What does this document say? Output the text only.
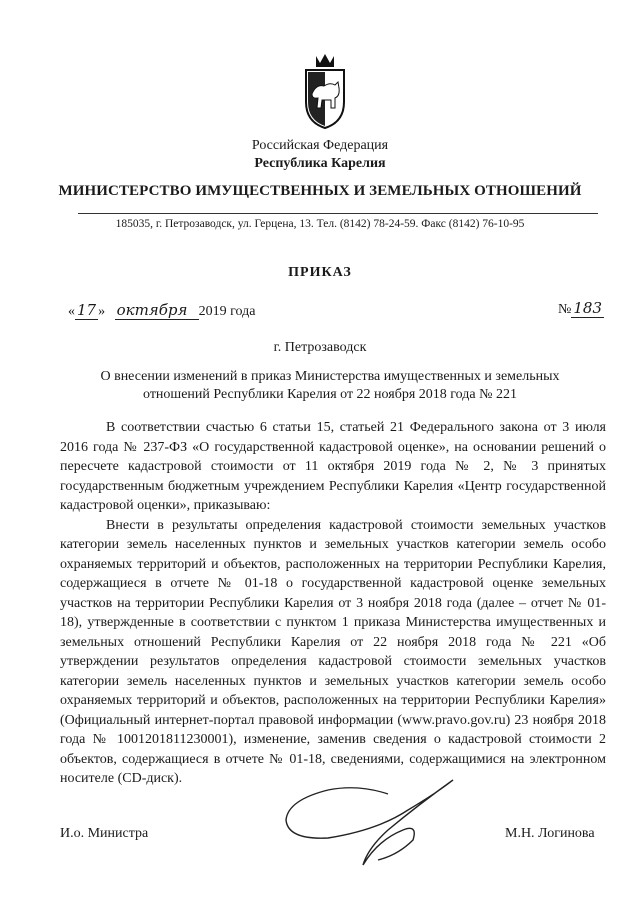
Российская Федерация
Республика Карелия
МИНИСТЕРСТВО ИМУЩЕСТВЕННЫХ И ЗЕМЕЛЬНЫХ ОТНОШЕНИЙ
185035, г. Петрозаводск, ул. Герцена, 13. Тел. (8142) 78-24-59. Факс (8142) 76-10-95
ПРИКАЗ
« 17 » октября 2019 года	№ 183
г. Петрозаводск
О внесении изменений в приказ Министерства имущественных и земельных отношений Республики Карелия от 22 ноября 2018 года № 221

В соответствии счастью 6 статьи 15, статьей 21 Федерального закона от 3 июля 2016 года № 237-ФЗ «О государственной кадастровой оценке», на основании решений о пересчете кадастровой стоимости от 11 октября 2019 года № 2, № 3 принятых государственным бюджетным учреждением Республики Карелия «Центр государственной кадастровой оценки», приказываю:

Внести в результаты определения кадастровой стоимости земельных участков категории земель населенных пунктов и земельных участков категории земель особо охраняемых территорий и объектов, расположенных на территории Республики Карелия, содержащиеся в отчете № 01-18 о государственной кадастровой оценке земельных участков на территории Республики Карелия от 3 ноября 2018 года (далее – отчет № 01-18), утвержденные в соответствии с пунктом 1 приказа Министерства имущественных и земельных отношений Республики Карелия от 22 ноября 2018 года № 221 «Об утверждении результатов определения кадастровой стоимости земельных участков категории земель населенных пунктов и земельных участков категории земель особо охраняемых территорий и объектов, расположенных на территории Республики Карелия» (Официальный интернет-портал правовой информации (www.pravo.gov.ru) 23 ноября 2018 года № 1001201811230001), изменение, заменив сведения о кадастровой стоимости 2 объектов, содержащиеся в отчете № 01-18, сведениями, содержащимися на электронном носителе (CD-диск).

И.о. Министра	М.Н. Логинова
